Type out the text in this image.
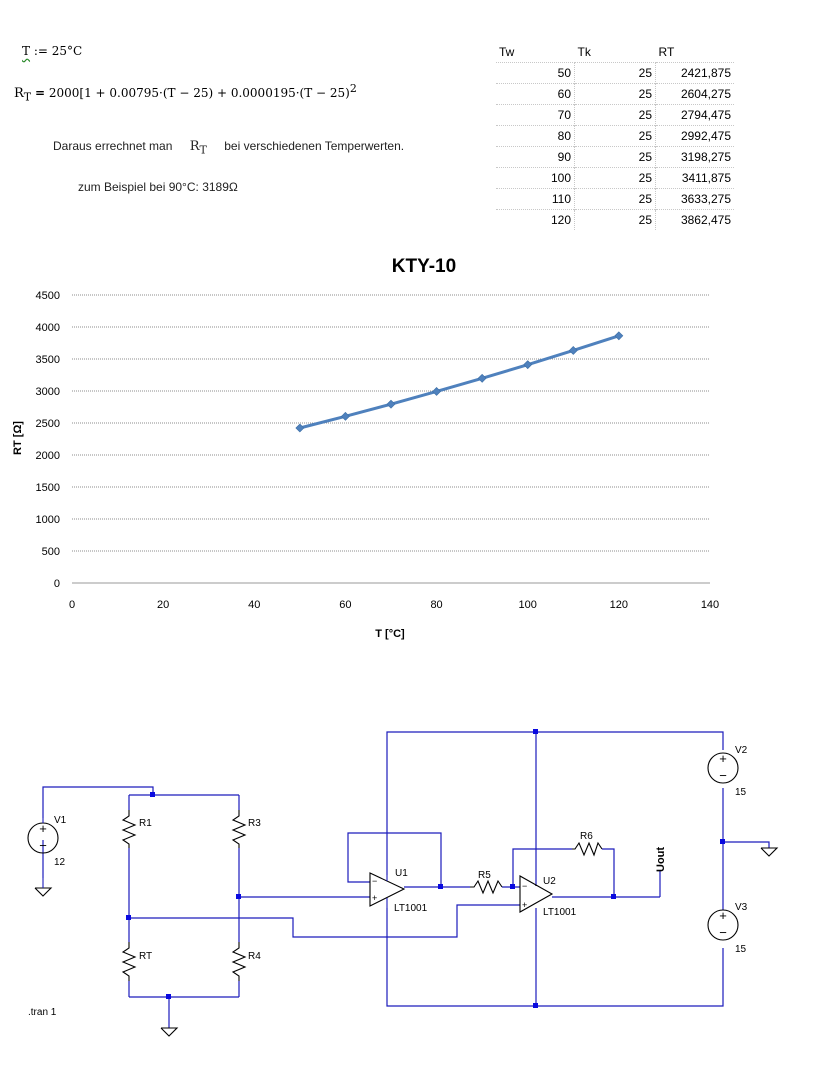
T := 25°C
$R_T = 2000[1 + 0.00795\cdot(T - 25) + 0.0000195\cdot(T - 25)^2$
Daraus errechnet man $R_T$ bei verschiedenen Temperwerten.
zum Beispiel bei 90°C: 3189Ω
Tw	Tk	RT
50	25	2421,875
60	25	2604,275
70	25	2794,475
80	25	2992,475
90	25	3198,275
100	25	3411,875
110	25	3633,275
120	25	3862,475
KTY-10
0
500
1000
1500
2000
2500
3000
3500
4000
4500
0	20	40	60	80	100	120	140
T [°C]
RT [Ω]
+
−
+
−
+
−
−
+
−
+
V1
12
V2
15
V3
15
R1	R3
RT	R4
R5
R6
U1
LT1001
U2
LT1001
Uout
.tran 1
